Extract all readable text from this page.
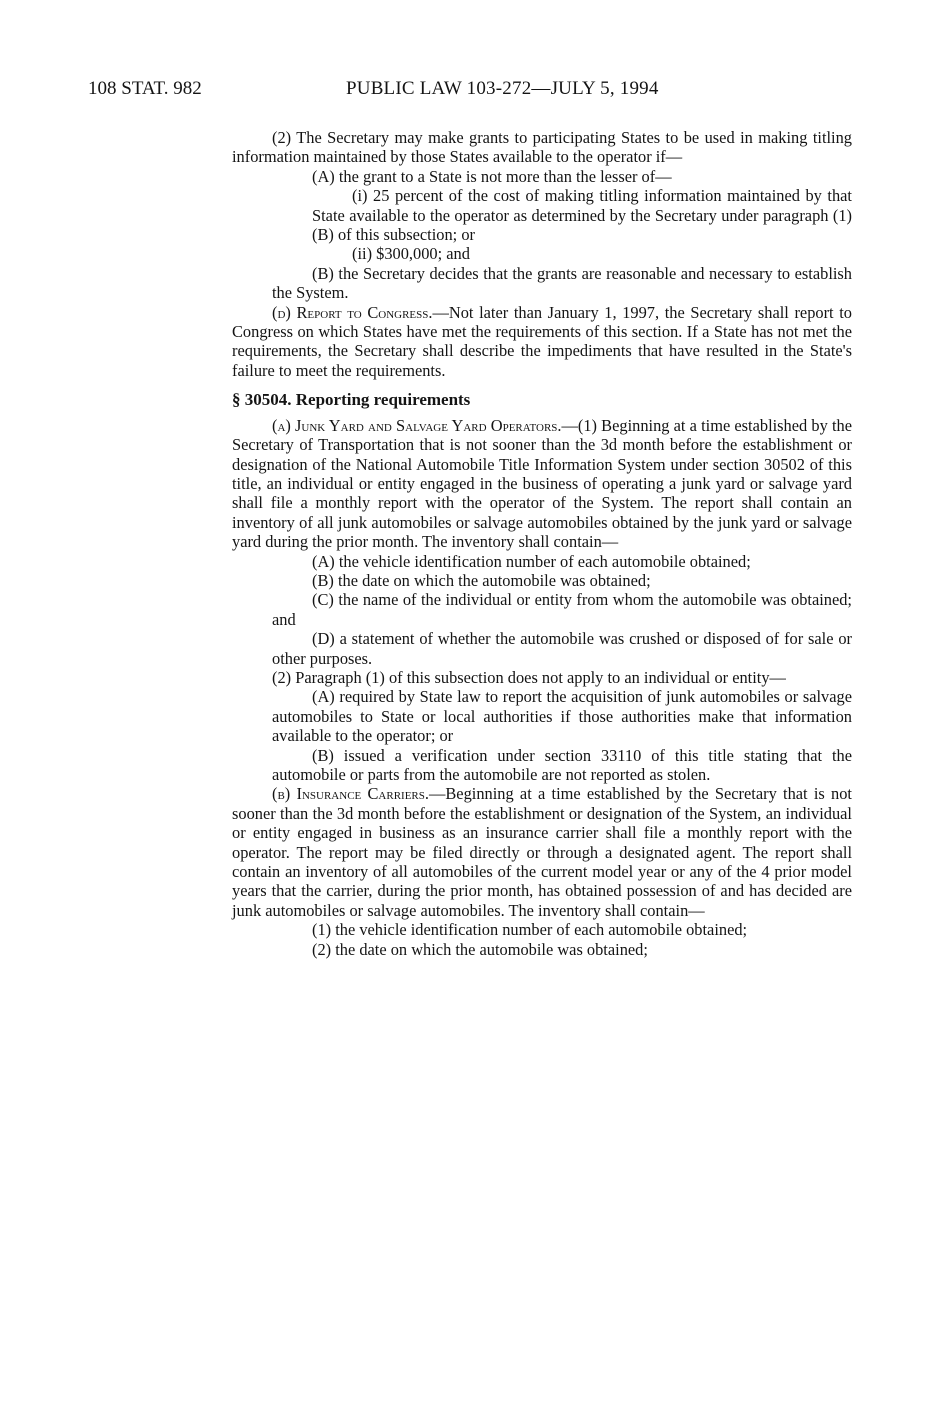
108 STAT. 982	PUBLIC LAW 103-272—JULY 5, 1994

(2) The Secretary may make grants to participating States to be used in making titling information maintained by those States available to the operator if—

(A) the grant to a State is not more than the lesser of—

(i) 25 percent of the cost of making titling information maintained by that State available to the operator as determined by the Secretary under paragraph (1)(B) of this subsection; or

(ii) $300,000; and

(B) the Secretary decides that the grants are reasonable and necessary to establish the System.

(d) Report to Congress.—Not later than January 1, 1997, the Secretary shall report to Congress on which States have met the requirements of this section. If a State has not met the requirements, the Secretary shall describe the impediments that have resulted in the State's failure to meet the requirements.

§ 30504. Reporting requirements

(a) Junk Yard and Salvage Yard Operators.—(1) Beginning at a time established by the Secretary of Transportation that is not sooner than the 3d month before the establishment or designation of the National Automobile Title Information System under section 30502 of this title, an individual or entity engaged in the business of operating a junk yard or salvage yard shall file a monthly report with the operator of the System. The report shall contain an inventory of all junk automobiles or salvage automobiles obtained by the junk yard or salvage yard during the prior month. The inventory shall contain—

(A) the vehicle identification number of each automobile obtained;

(B) the date on which the automobile was obtained;

(C) the name of the individual or entity from whom the automobile was obtained; and

(D) a statement of whether the automobile was crushed or disposed of for sale or other purposes.

(2) Paragraph (1) of this subsection does not apply to an individual or entity—

(A) required by State law to report the acquisition of junk automobiles or salvage automobiles to State or local authorities if those authorities make that information available to the operator; or

(B) issued a verification under section 33110 of this title stating that the automobile or parts from the automobile are not reported as stolen.

(b) Insurance Carriers.—Beginning at a time established by the Secretary that is not sooner than the 3d month before the establishment or designation of the System, an individual or entity engaged in business as an insurance carrier shall file a monthly report with the operator. The report may be filed directly or through a designated agent. The report shall contain an inventory of all automobiles of the current model year or any of the 4 prior model years that the carrier, during the prior month, has obtained possession of and has decided are junk automobiles or salvage automobiles. The inventory shall contain—

(1) the vehicle identification number of each automobile obtained;

(2) the date on which the automobile was obtained;
